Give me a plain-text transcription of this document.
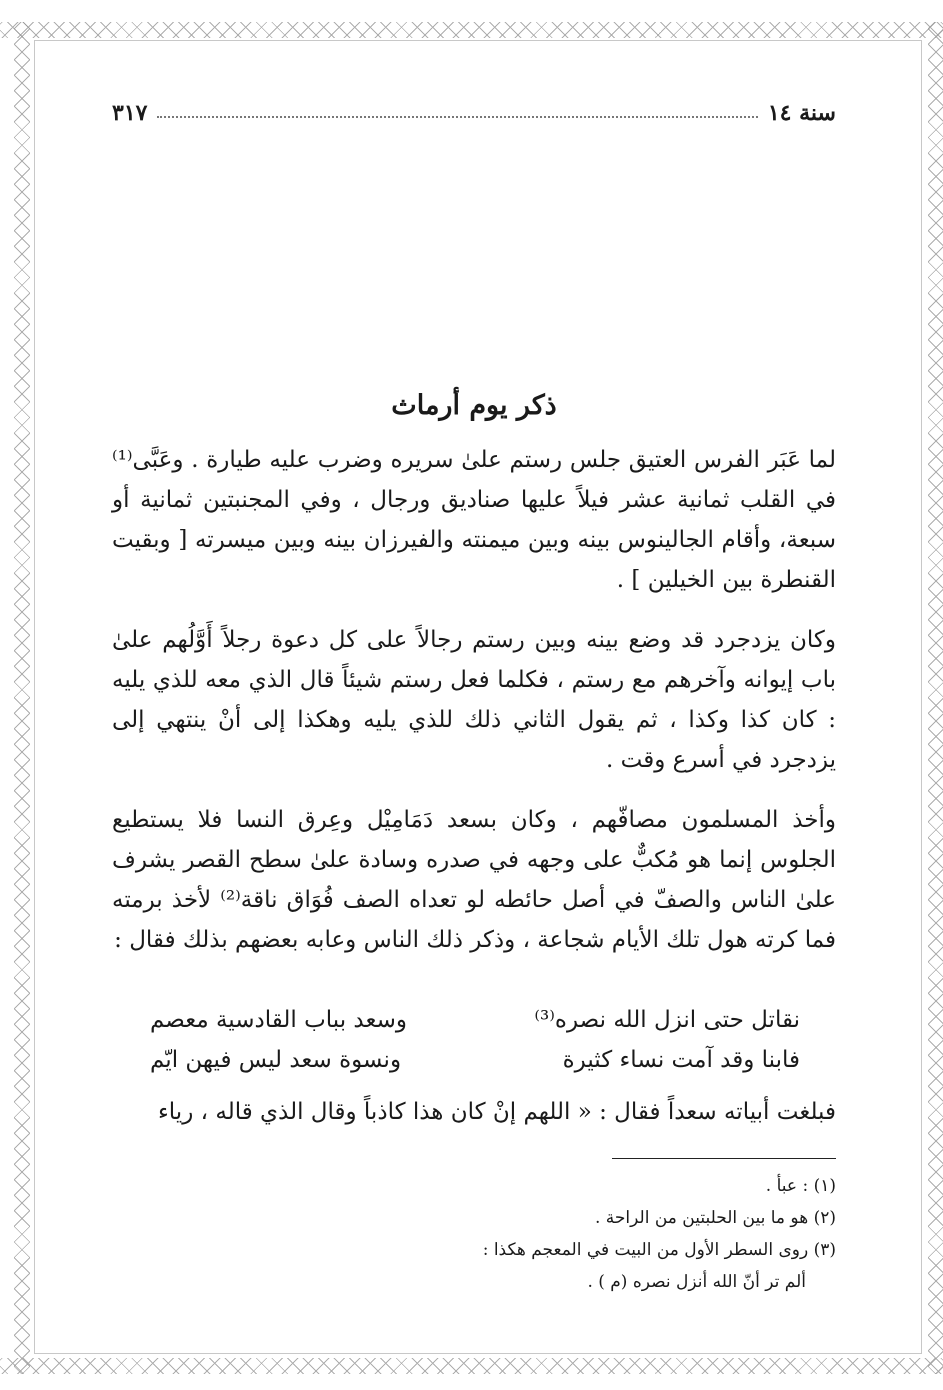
سنة ١٤
٣١٧
ذكر يوم أرماث
لما عَبَر الفرس العتيق جلس رستم علىٰ سريره وضرب عليه طيارة . وعَبَّى⁽¹⁾ في القلب ثمانية عشر فيلاً عليها صناديق ورجال ، وفي المجنبتين ثمانية أو سبعة، وأقام الجالينوس بينه وبين ميمنته والفيرزان بينه وبين ميسرته [ وبقيت القنطرة بين الخيلين ] .
وكان يزدجرد قد وضع بينه وبين رستم رجالاً على كل دعوة رجلاً أَوَّلُهم علىٰ باب إيوانه وآخرهم مع رستم ، فكلما فعل رستم شيئاً قال الذي معه للذي يليه : كان كذا وكذا ، ثم يقول الثاني ذلك للذي يليه وهكذا إلى أنْ ينتهي إلى يزدجرد في أسرع وقت .
وأخذ المسلمون مصافّهم ، وكان بسعد دَمَامِيْل وعِرق النسا فلا يستطيع الجلوس إنما هو مُكبٌّ على وجهه في صدره وسادة علىٰ سطح القصر يشرف علىٰ الناس والصفّ في أصل حائطه لو تعداه الصف فُوَاق ناقة⁽²⁾ لأخذ برمته فما كرته هول تلك الأيام شجاعة ، وذكر ذلك الناس وعابه بعضهم بذلك فقال :
نقاتل حتى انزل الله نصره⁽³⁾
وسعد بباب القادسية معصم
فابنا وقد آمت نساء كثيرة
ونسوة سعد ليس فيهن ايّم
فبلغت أبياته سعداً فقال : « اللهم إنْ كان هذا كاذباً وقال الذي قاله ، رياء
(١) : عبأ .
(٢) هو ما بين الحلبتين من الراحة .
(٣) روى السطر الأول من البيت في المعجم هكذا :
ألم تر أنّ الله أنزل نصره (م ) .
